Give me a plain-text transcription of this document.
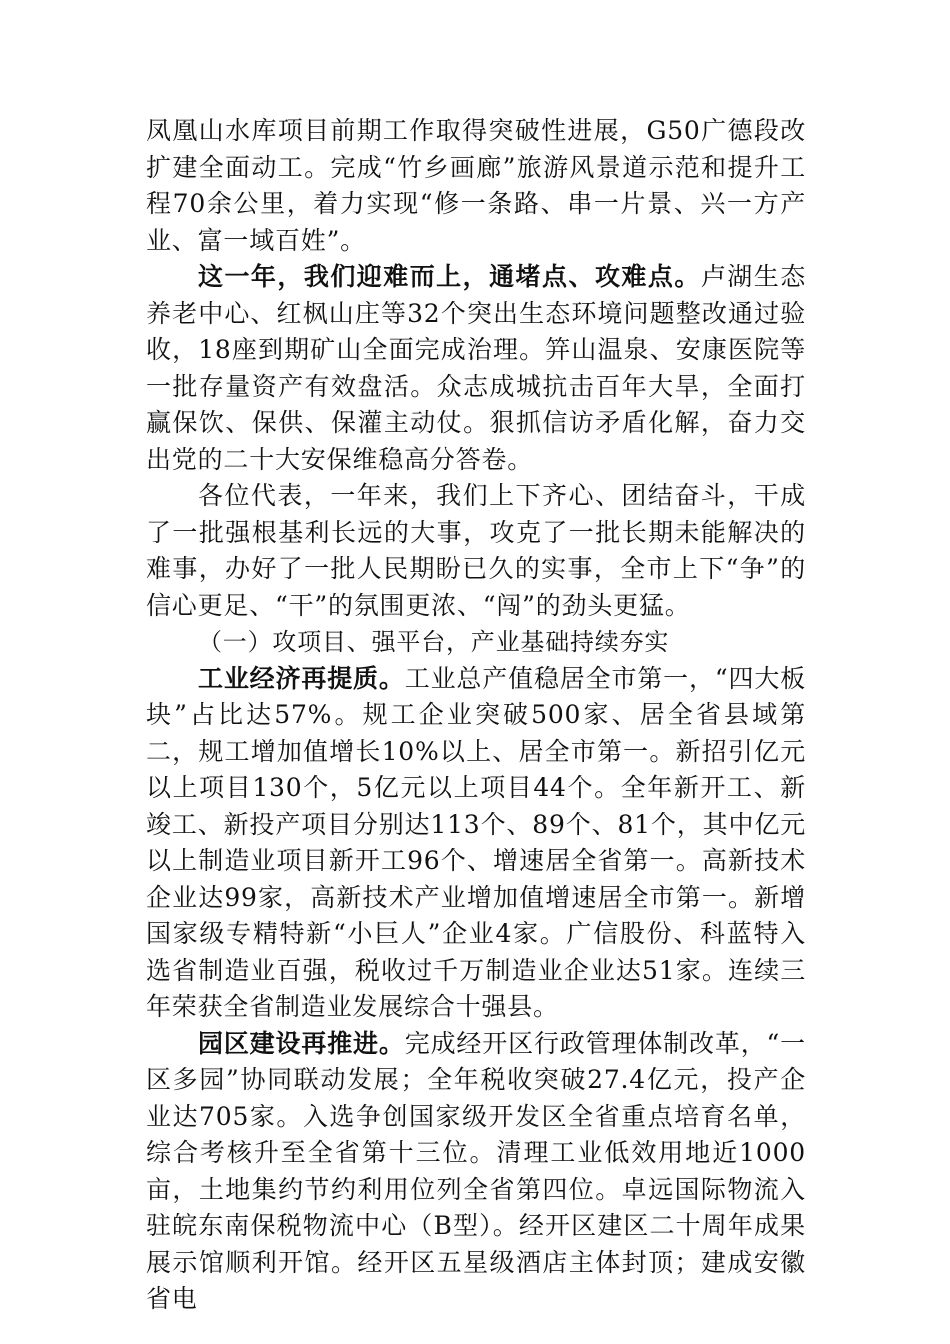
凤凰山水库项目前期工作取得突破性进展，G50广德段改扩建全面动工。完成“竹乡画廊”旅游风景道示范和提升工程70余公里，着力实现“修一条路、串一片景、兴一方产业、富一域百姓”。

这一年，我们迎难而上，通堵点、攻难点。卢湖生态养老中心、红枫山庄等32个突出生态环境问题整改通过验收，18座到期矿山全面完成治理。笄山温泉、安康医院等一批存量资产有效盘活。众志成城抗击百年大旱，全面打赢保饮、保供、保灌主动仗。狠抓信访矛盾化解，奋力交出党的二十大安保维稳高分答卷。

各位代表，一年来，我们上下齐心、团结奋斗，干成了一批强根基利长远的大事，攻克了一批长期未能解决的难事，办好了一批人民期盼已久的实事，全市上下“争”的信心更足、“干”的氛围更浓、“闯”的劲头更猛。

（一）攻项目、强平台，产业基础持续夯实

工业经济再提质。工业总产值稳居全市第一，“四大板块”占比达57%。规工企业突破500家、居全省县域第二，规工增加值增长10%以上、居全市第一。新招引亿元以上项目130个，5亿元以上项目44个。全年新开工、新竣工、新投产项目分别达113个、89个、81个，其中亿元以上制造业项目新开工96个、增速居全省第一。高新技术企业达99家，高新技术产业增加值增速居全市第一。新增国家级专精特新“小巨人”企业4家。广信股份、科蓝特入选省制造业百强，税收过千万制造业企业达51家。连续三年荣获全省制造业发展综合十强县。

园区建设再推进。完成经开区行政管理体制改革，“一区多园”协同联动发展；全年税收突破27.4亿元，投产企业达705家。入选争创国家级开发区全省重点培育名单，综合考核升至全省第十三位。清理工业低效用地近1000亩，土地集约节约利用位列全省第四位。卓远国际物流入驻皖东南保税物流中心（B型）。经开区建区二十周年成果展示馆顺利开馆。经开区五星级酒店主体封顶；建成安徽省电
